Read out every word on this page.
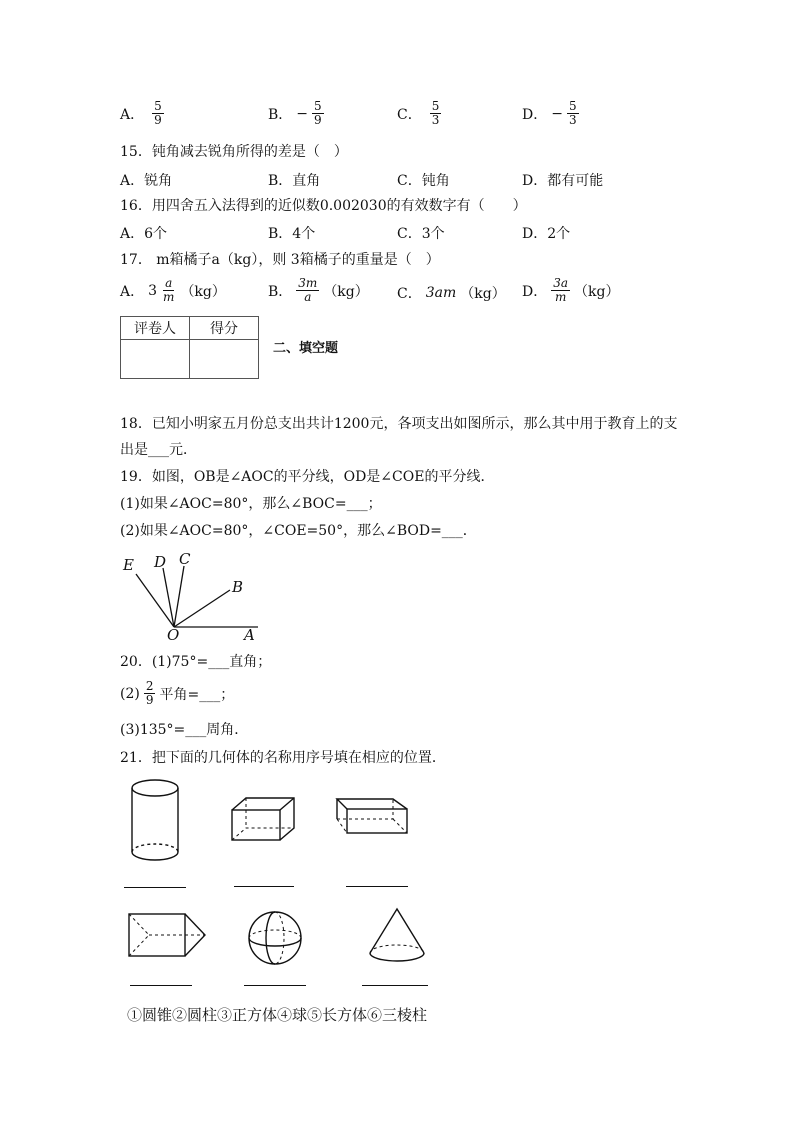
A． $\frac{5}{9}$	B． − $\frac{5}{9}$	C． $\frac{5}{3}$	D． − $\frac{5}{3}$
15．钝角减去锐角所得的差是（　）
A．锐角	B．直角	C．钝角	D．都有可能
16．用四舍五入法得到的近似数0.002030的有效数字有（　　）
A．6个	B．4个	C．3个	D．2个
17． m箱橘子a（kg），则 3箱橘子的重量是（　）
A． $3 \frac{a}{m} (kg)$	B． $\frac{3m}{a} (kg)$ C． 3am （kg） D． $\frac{3a}{m} (kg)$
评卷人	得分

二、填空题
18．已知小明家五月份总支出共计1200元，各项支出如图所示，那么其中用于教育上的支
出是___元．
19．如图，OB是∠AOC的平分线，OD是∠COE的平分线．
(1)如果∠AOC=80°，那么∠BOC=___；
(2)如果∠AOC=80°，∠COE=50°，那么∠BOD=___．
E D C
B
O	A
20．(1)75°=___直角；
$(2) \frac{2}{9}$ 平角=___；
(3)135°=___周角．
21．把下面的几何体的名称用序号填在相应的位置．
①圆锥②圆柱③正方体④球⑤长方体⑥三棱柱
